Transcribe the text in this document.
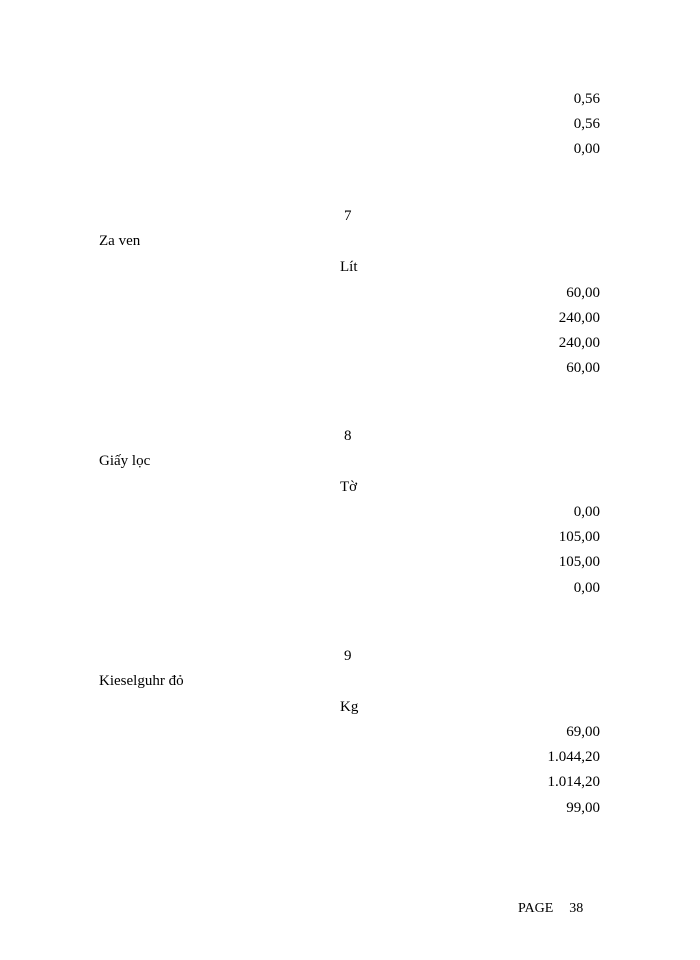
0,56
0,56
0,00
7
Za ven
Lít
60,00
240,00
240,00
60,00
8
Giấy lọc
Tờ
0,00
105,00
105,00
0,00
9
Kieselguhr đỏ
Kg
69,00
1.044,20
1.014,20
99,00
PAGE 38
